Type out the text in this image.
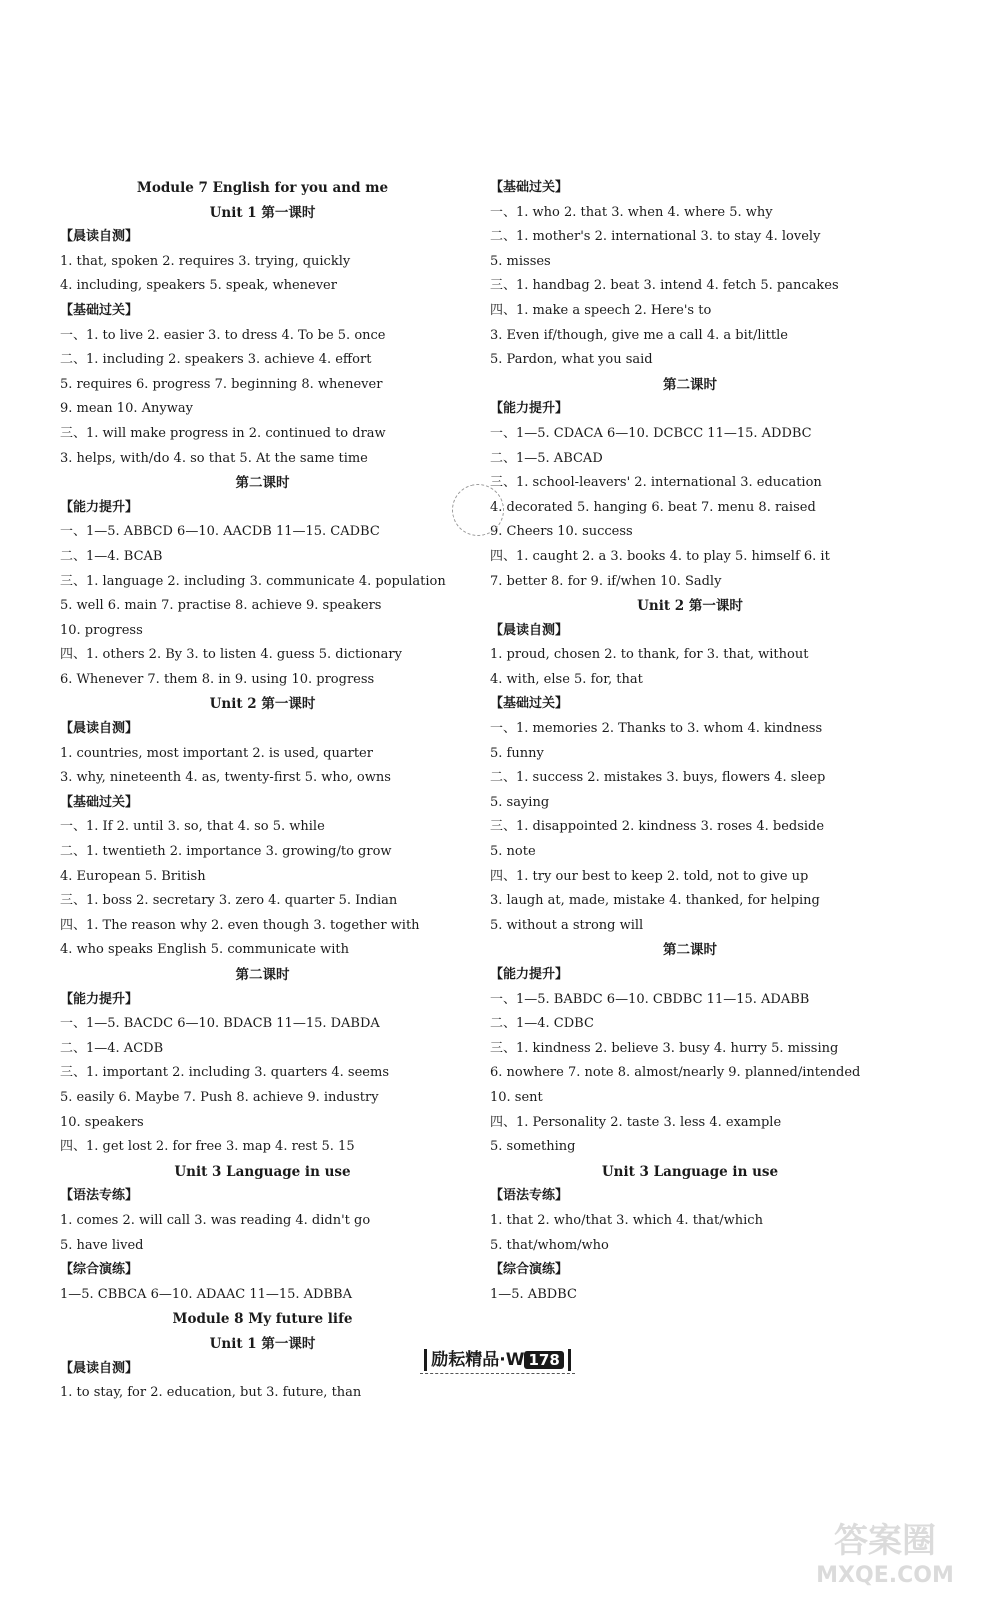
Module 7 English for you and me
Unit 1 第一课时
【晨读自测】
1. that, spoken 2. requires 3. trying, quickly
4. including, speakers 5. speak, whenever
【基础过关】
一、1. to live 2. easier 3. to dress 4. To be 5. once
二、1. including 2. speakers 3. achieve 4. effort
5. requires 6. progress 7. beginning 8. whenever
9. mean 10. Anyway
三、1. will make progress in 2. continued to draw
3. helps, with/do 4. so that 5. At the same time
第二课时
【能力提升】
一、1—5. ABBCD 6—10. AACDB 11—15. CADBC
二、1—4. BCAB
三、1. language 2. including 3. communicate 4. population
5. well 6. main 7. practise 8. achieve 9. speakers
10. progress
四、1. others 2. By 3. to listen 4. guess 5. dictionary
6. Whenever 7. them 8. in 9. using 10. progress
Unit 2 第一课时
【晨读自测】
1. countries, most important 2. is used, quarter
3. why, nineteenth 4. as, twenty-first 5. who, owns
【基础过关】
一、1. If 2. until 3. so, that 4. so 5. while
二、1. twentieth 2. importance 3. growing/to grow
4. European 5. British
三、1. boss 2. secretary 3. zero 4. quarter 5. Indian
四、1. The reason why 2. even though 3. together with
4. who speaks English 5. communicate with
第二课时
【能力提升】
一、1—5. BACDC 6—10. BDACB 11—15. DABDA
二、1—4. ACDB
三、1. important 2. including 3. quarters 4. seems
5. easily 6. Maybe 7. Push 8. achieve 9. industry
10. speakers
四、1. get lost 2. for free 3. map 4. rest 5. 15
Unit 3 Language in use
【语法专练】
1. comes 2. will call 3. was reading 4. didn't go
5. have lived
【综合演练】
1—5. CBBCA 6—10. ADAAC 11—15. ADBBA
Module 8 My future life
Unit 1 第一课时
【晨读自测】
1. to stay, for 2. education, but 3. future, than
【基础过关】
一、1. who 2. that 3. when 4. where 5. why
二、1. mother's 2. international 3. to stay 4. lovely
5. misses
三、1. handbag 2. beat 3. intend 4. fetch 5. pancakes
四、1. make a speech 2. Here's to
3. Even if/though, give me a call 4. a bit/little
5. Pardon, what you said
第二课时
【能力提升】
一、1—5. CDACA 6—10. DCBCC 11—15. ADDBC
二、1—5. ABCAD
三、1. school-leavers' 2. international 3. education
4. decorated 5. hanging 6. beat 7. menu 8. raised
9. Cheers 10. success
四、1. caught 2. a 3. books 4. to play 5. himself 6. it
7. better 8. for 9. if/when 10. Sadly
Unit 2 第一课时
【晨读自测】
1. proud, chosen 2. to thank, for 3. that, without
4. with, else 5. for, that
【基础过关】
一、1. memories 2. Thanks to 3. whom 4. kindness
5. funny
二、1. success 2. mistakes 3. buys, flowers 4. sleep
5. saying
三、1. disappointed 2. kindness 3. roses 4. bedside
5. note
四、1. try our best to keep 2. told, not to give up
3. laugh at, made, mistake 4. thanked, for helping
5. without a strong will
第二课时
【能力提升】
一、1—5. BABDC 6—10. CBDBC 11—15. ADABB
二、1—4. CDBC
三、1. kindness 2. believe 3. busy 4. hurry 5. missing
6. nowhere 7. note 8. almost/nearly 9. planned/intended
10. sent
四、1. Personality 2. taste 3. less 4. example
5. something
Unit 3 Language in use
【语法专练】
1. that 2. who/that 3. which 4. that/which
5. that/whom/who
【综合演练】
1—5. ABDBC
励耘精品·W 178
答案圈
MXQE.COM
